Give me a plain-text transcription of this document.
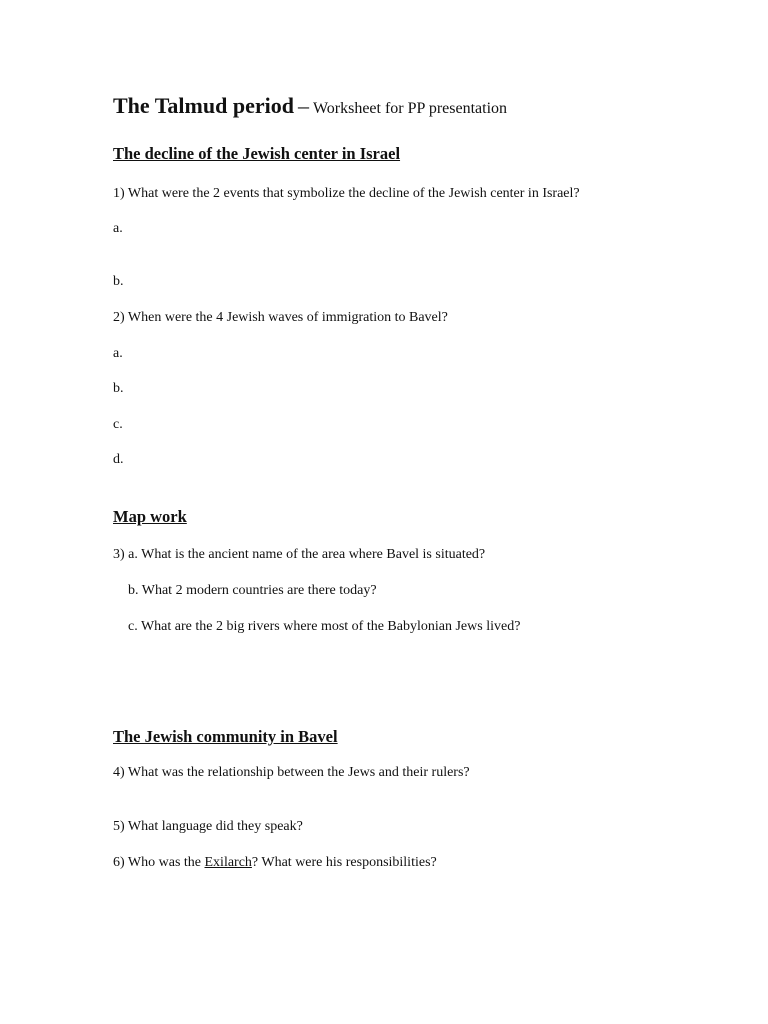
The Talmud period – Worksheet for PP presentation
The decline of the Jewish center in Israel
1) What were the 2 events that symbolize the decline of the Jewish center in Israel?
a.
b.
2) When were the 4 Jewish waves of immigration to Bavel?
a.
b.
c.
d.
Map work
3) a. What is the ancient name of the area where Bavel is situated?
b. What 2 modern countries are there today?
c. What are the 2 big rivers where most of the Babylonian Jews lived?
The Jewish community in Bavel
4) What was the relationship between the Jews and their rulers?
5) What language did they speak?
6) Who was the Exilarch? What were his responsibilities?
